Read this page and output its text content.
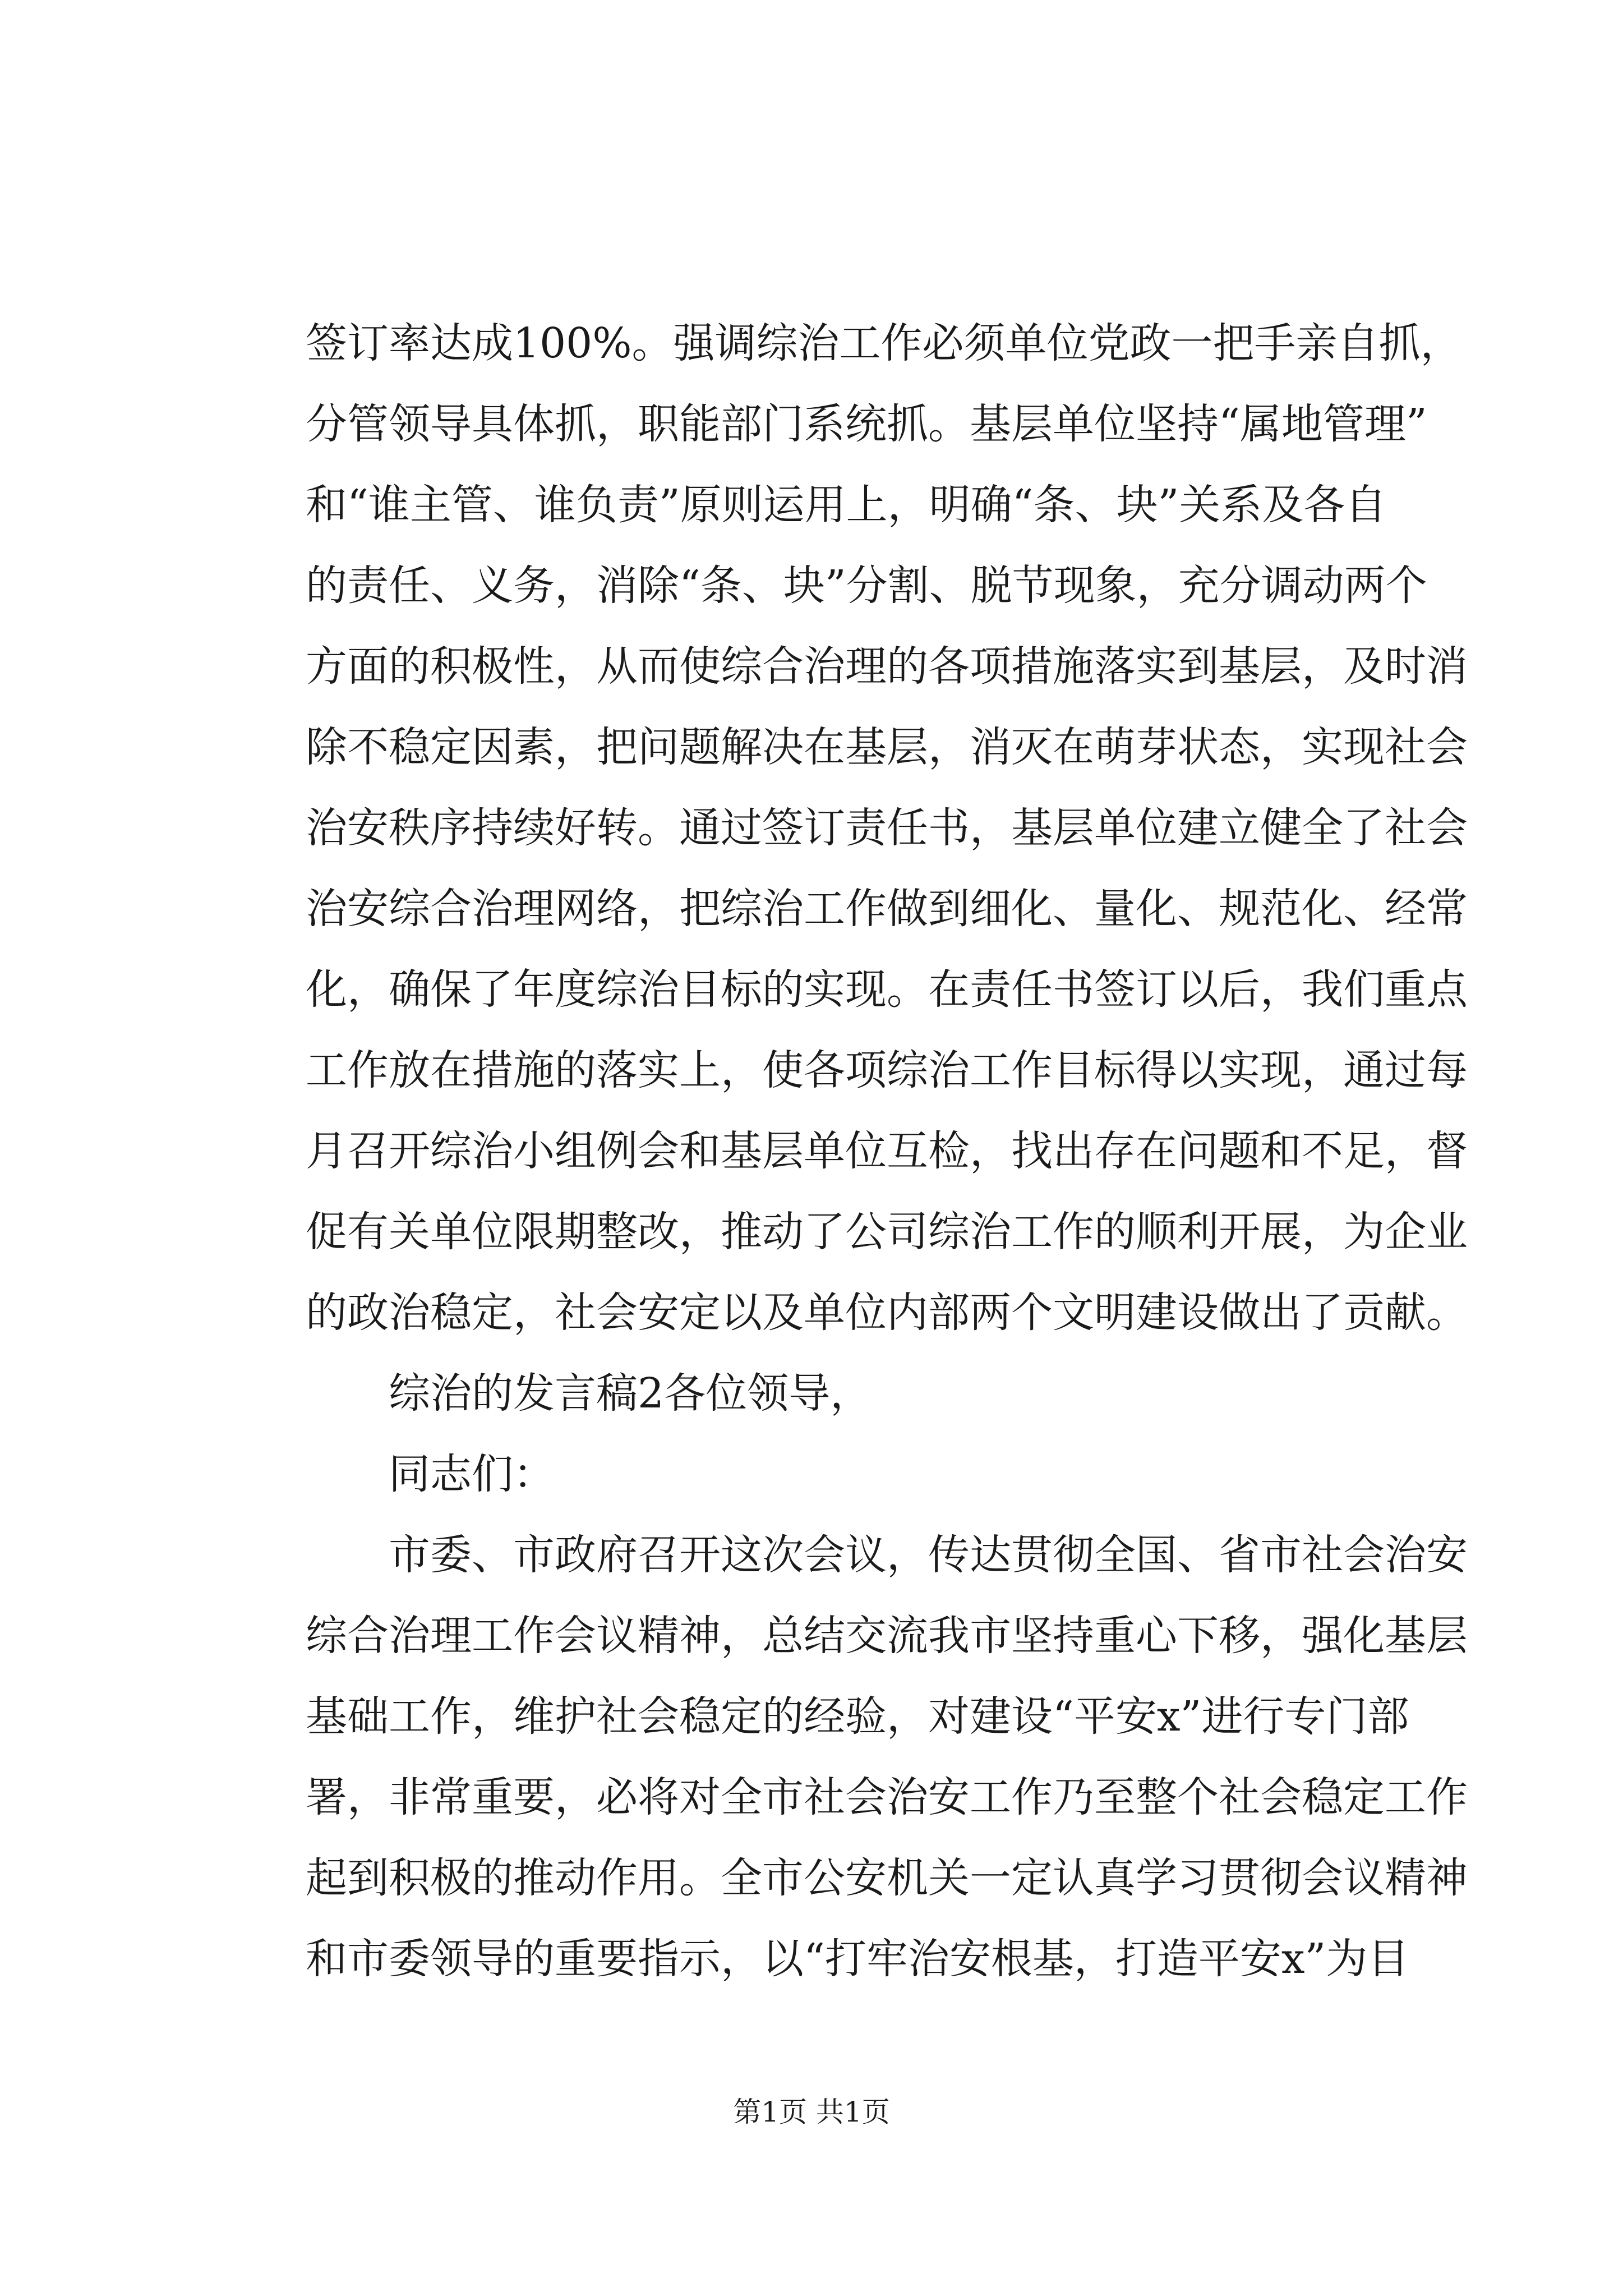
签订率达成100%。强调综治工作必须单位党政一把手亲自抓，
分管领导具体抓，职能部门系统抓。基层单位坚持“属地管理”
和“谁主管、谁负责”原则运用上，明确“条、块”关系及各自
的责任、义务，消除“条、块”分割、脱节现象，充分调动两个
方面的积极性，从而使综合治理的各项措施落实到基层，及时消
除不稳定因素，把问题解决在基层，消灭在萌芽状态，实现社会
治安秩序持续好转。通过签订责任书，基层单位建立健全了社会
治安综合治理网络，把综治工作做到细化、量化、规范化、经常
化，确保了年度综治目标的实现。在责任书签订以后，我们重点
工作放在措施的落实上，使各项综治工作目标得以实现，通过每
月召开综治小组例会和基层单位互检，找出存在问题和不足，督
促有关单位限期整改，推动了公司综治工作的顺利开展，为企业
的政治稳定，社会安定以及单位内部两个文明建设做出了贡献。
综治的发言稿2各位领导，
同志们：
市委、市政府召开这次会议，传达贯彻全国、省市社会治安
综合治理工作会议精神，总结交流我市坚持重心下移，强化基层
基础工作，维护社会稳定的经验，对建设“平安x”进行专门部
署，非常重要，必将对全市社会治安工作乃至整个社会稳定工作
起到积极的推动作用。全市公安机关一定认真学习贯彻会议精神
和市委领导的重要指示，以“打牢治安根基，打造平安x”为目
第1页 共1页
